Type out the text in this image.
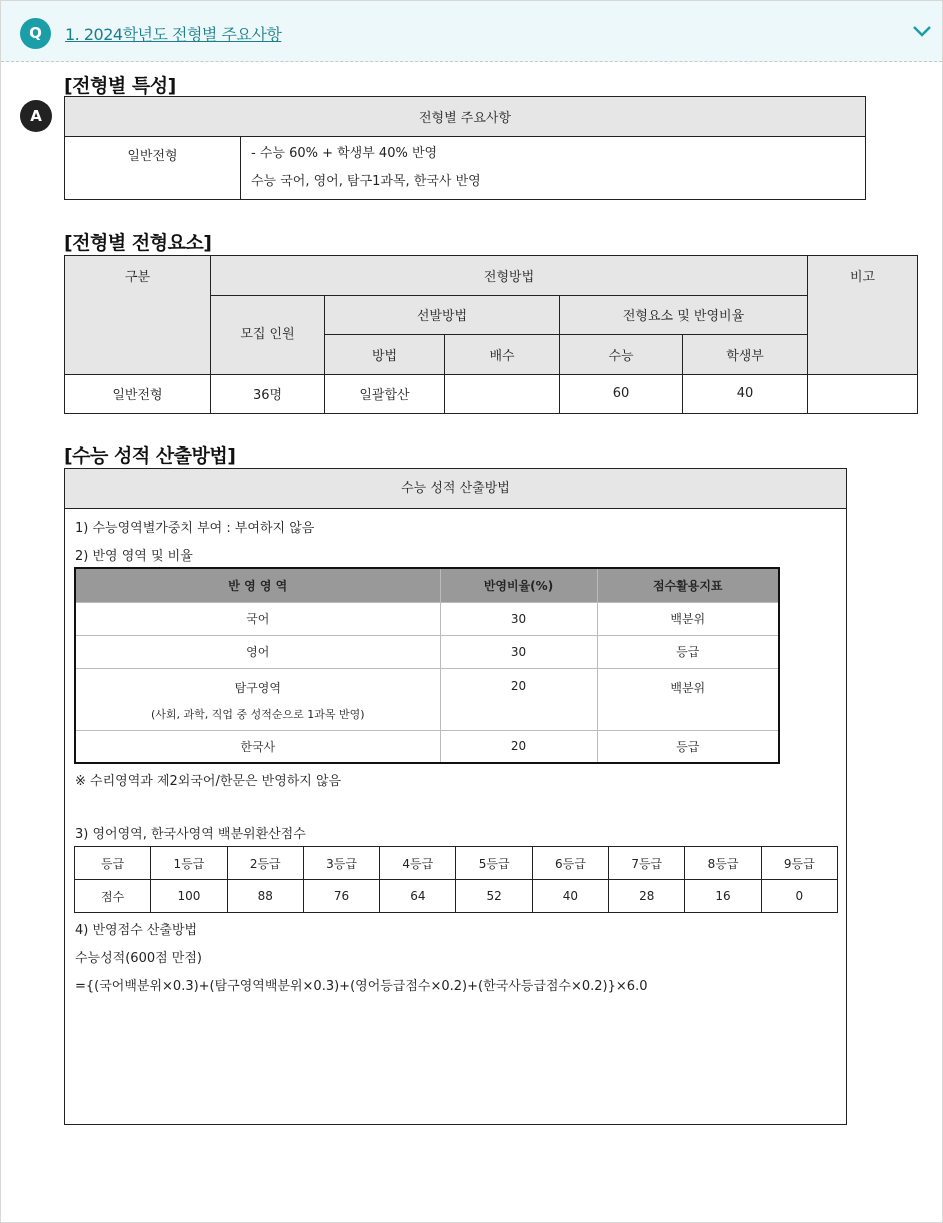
Q	1. 2024학년도 전형별 주요사항
A
[전형별 특성]
전형별 주요사항
일반전형	- 수능 60% + 학생부 40% 반영
수능 국어, 영어, 탐구1과목, 한국사 반영
[전형별 전형요소]
구분	전형방법					비고
	모집 인원	선발방법		전형요소 및 반영비율		
		방법	배수	수능	학생부	
일반전형	36명	일괄합산		60	40	
[수능 성적 산출방법]
수능 성적 산출방법
1) 수능영역별가중치 부여 : 부여하지 않음
2) 반영 영역 및 비율
반 영 영 역	반영비율(%)	점수활용지표
국어	30	백분위
영어	30	등급

탐구영역
(사회, 과학, 직업 중 성적순으로 1과목 반영)	20	백분위
한국사	20	등급
※ 수리영역과 제2외국어/한문은 반영하지 않음
3) 영어영역, 한국사영역 백분위환산점수
등급	1등급	2등급	3등급	4등급	5등급	6등급	7등급	8등급	9등급
점수	100	88	76	64	52	40	28	16	0
4) 반영점수 산출방법
수능성적(600점 만점)
={(국어백분위×0.3)+(탐구영역백분위×0.3)+(영어등급점수×0.2)+(한국사등급점수×0.2)}×6.0
